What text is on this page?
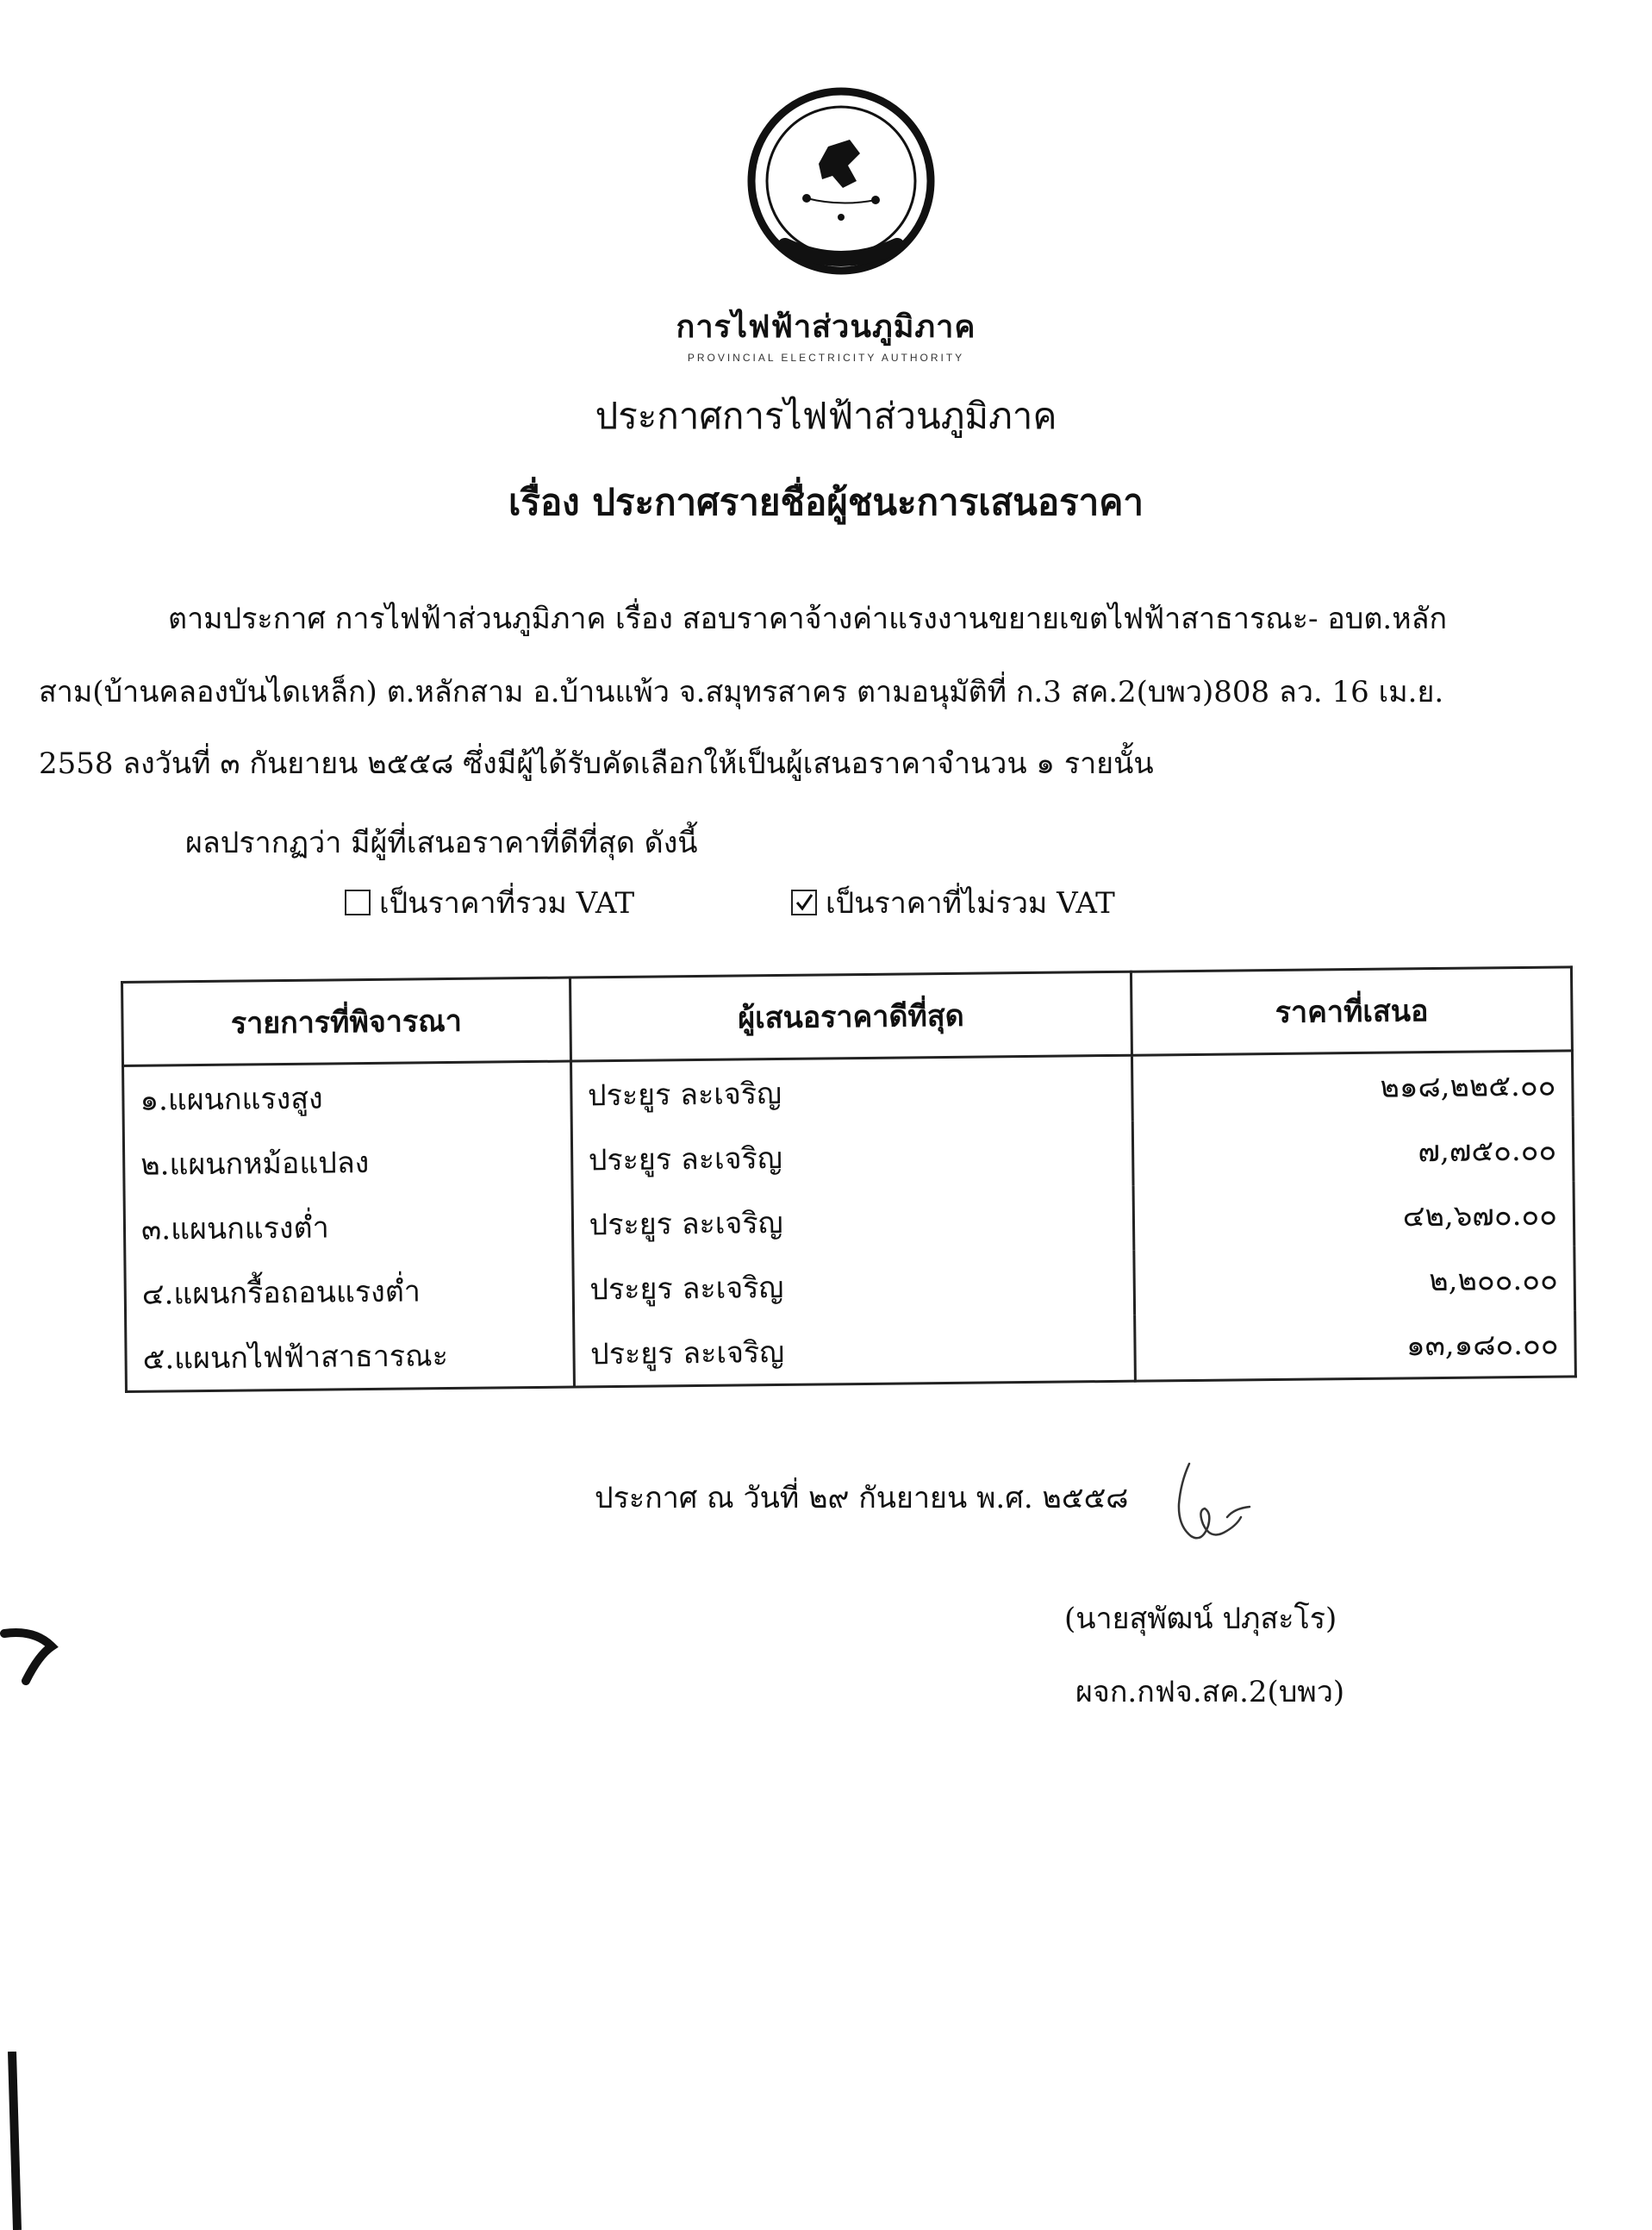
การไฟฟ้าส่วนภูมิภาค
PROVINCIAL ELECTRICITY AUTHORITY
ประกาศการไฟฟ้าส่วนภูมิภาค
เรื่อง ประกาศรายชื่อผู้ชนะการเสนอราคา
ตามประกาศ การไฟฟ้าส่วนภูมิภาค เรื่อง สอบราคาจ้างค่าแรงงานขยายเขตไฟฟ้าสาธารณะ- อบต.หลัก
สาม(บ้านคลองบันไดเหล็ก) ต.หลักสาม อ.บ้านแพ้ว จ.สมุทรสาคร ตามอนุมัติที่ ก.3 สค.2(บพว)808 ลว. 16 เม.ย.
2558 ลงวันที่ ๓ กันยายน ๒๕๕๘ ซึ่งมีผู้ได้รับคัดเลือกให้เป็นผู้เสนอราคาจำนวน ๑ รายนั้น
ผลปรากฏว่า มีผู้ที่เสนอราคาที่ดีที่สุด ดังนี้
เป็นราคาที่รวม VAT	เป็นราคาที่ไม่รวม VAT
รายการที่พิจารณา	ผู้เสนอราคาดีที่สุด	ราคาที่เสนอ
๑.แผนกแรงสูง	ประยูร ละเจริญ	๒๑๘,๒๒๕.๐๐
๒.แผนกหม้อแปลง	ประยูร ละเจริญ	๗,๗๕๐.๐๐
๓.แผนกแรงต่ำ	ประยูร ละเจริญ	๔๒,๖๗๐.๐๐
๔.แผนกรื้อถอนแรงต่ำ	ประยูร ละเจริญ	๒,๒๐๐.๐๐
๕.แผนกไฟฟ้าสาธารณะ	ประยูร ละเจริญ	๑๓,๑๘๐.๐๐
ประกาศ ณ วันที่ ๒๙ กันยายน พ.ศ. ๒๕๕๘
(นายสุพัฒน์ ปภุสะโร)
ผจก.กฟจ.สค.2(บพว)
